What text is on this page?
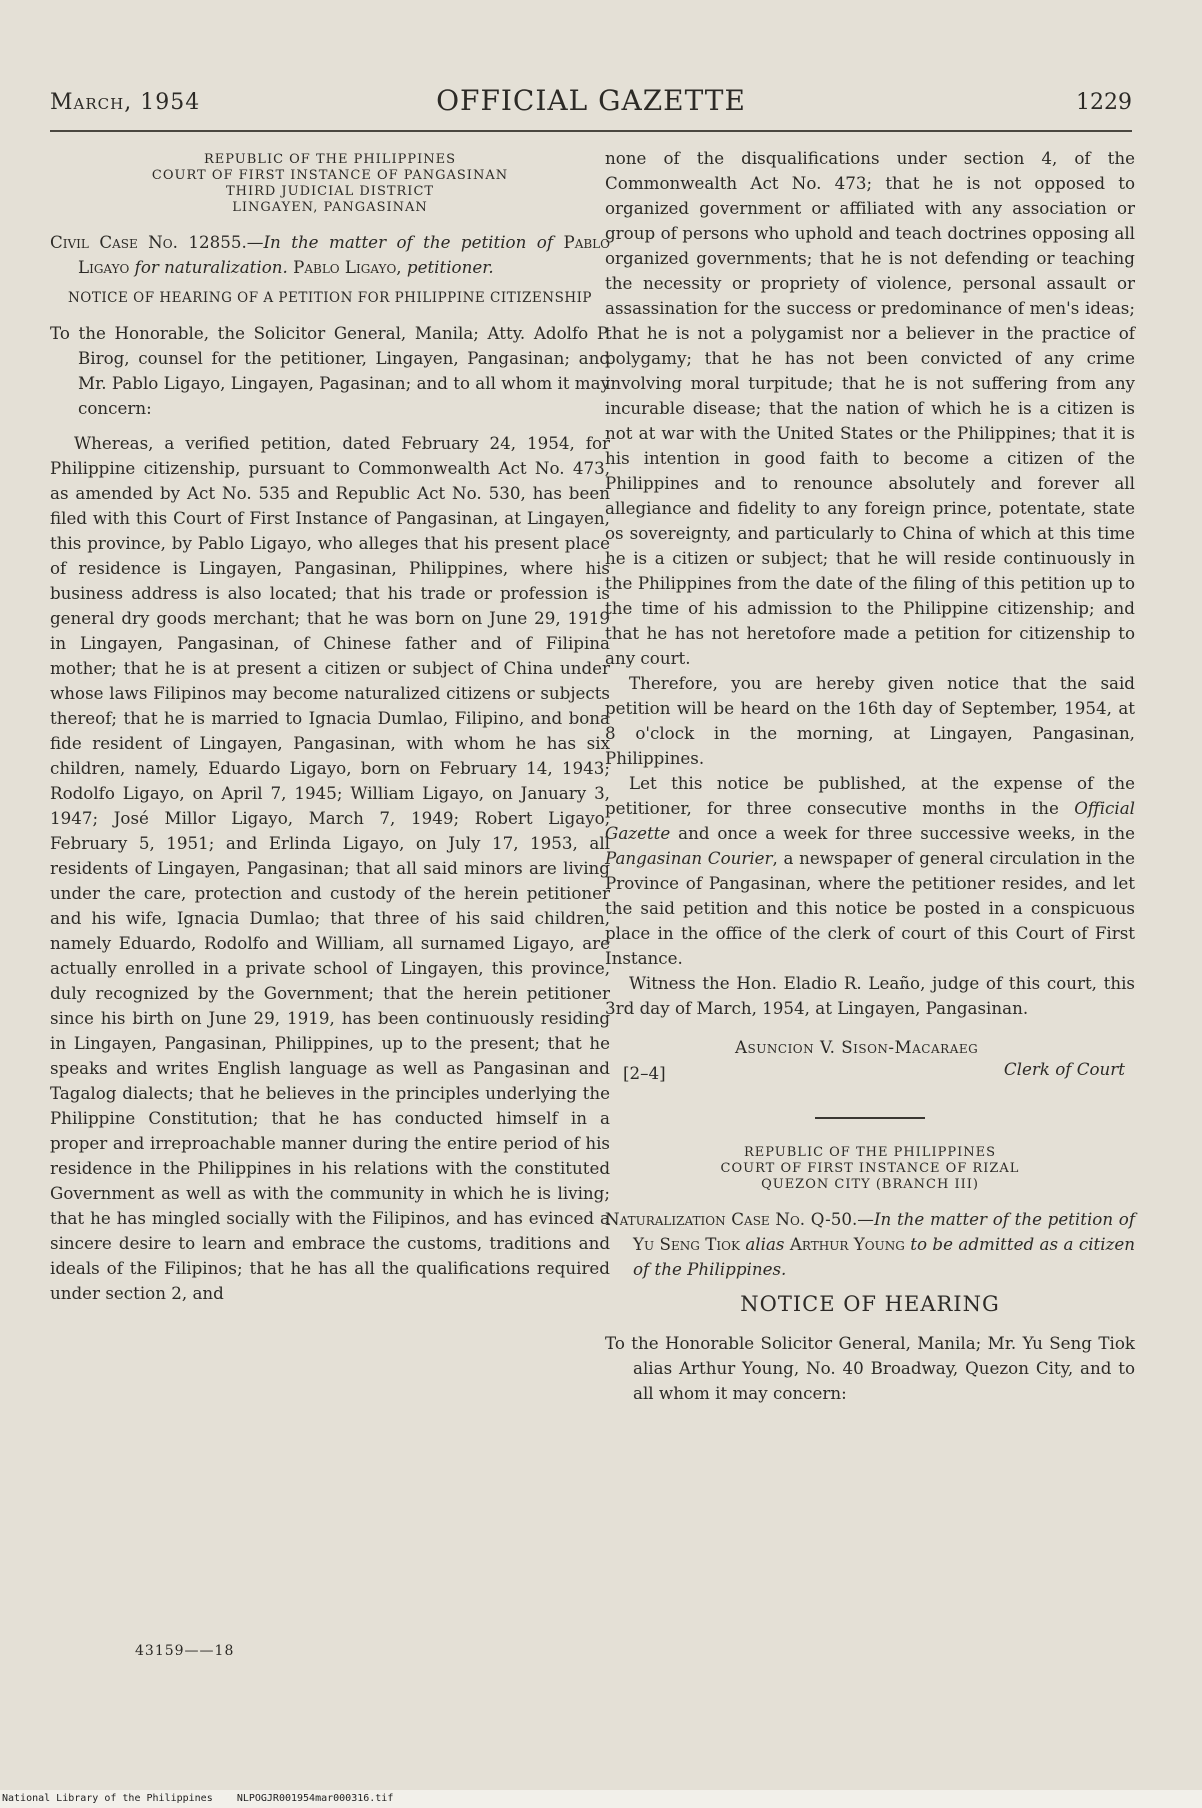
March, 1954	OFFICIAL GAZETTE	1229
REPUBLIC OF THE PHILIPPINES
COURT OF FIRST INSTANCE OF PANGASINAN
THIRD JUDICIAL DISTRICT
LINGAYEN, PANGASINAN

Civil Case No. 12855.—In the matter of the petition of Pablo Ligayo for naturalization. Pablo Ligayo, petitioner.

NOTICE OF HEARING OF A PETITION FOR PHILIPPINE CITIZENSHIP

To the Honorable, the Solicitor General, Manila; Atty. Adolfo P. Birog, counsel for the petitioner, Lingayen, Pangasinan; and Mr. Pablo Ligayo, Lingayen, Pagasinan; and to all whom it may concern:

Whereas, a verified petition, dated February 24, 1954, for Philippine citizenship, pursuant to Commonwealth Act No. 473, as amended by Act No. 535 and Republic Act No. 530, has been filed with this Court of First Instance of Pangasinan, at Lingayen, this province, by Pablo Ligayo, who alleges that his present place of residence is Lingayen, Pangasinan, Philippines, where his business address is also located; that his trade or profession is general dry goods merchant; that he was born on June 29, 1919 in Lingayen, Pangasinan, of Chinese father and of Filipina mother; that he is at present a citizen or subject of China under whose laws Filipinos may become naturalized citizens or subjects thereof; that he is married to Ignacia Dumlao, Filipino, and bona fide resident of Lingayen, Pangasinan, with whom he has six children, namely, Eduardo Ligayo, born on February 14, 1943; Rodolfo Ligayo, on April 7, 1945; William Ligayo, on January 3, 1947; José Millor Ligayo, March 7, 1949; Robert Ligayo, February 5, 1951; and Erlinda Ligayo, on July 17, 1953, all residents of Lingayen, Pangasinan; that all said minors are living under the care, protection and custody of the herein petitioner and his wife, Ignacia Dumlao; that three of his said children, namely Eduardo, Rodolfo and William, all surnamed Ligayo, are actually enrolled in a private school of Lingayen, this province, duly recognized by the Government; that the herein petitioner since his birth on June 29, 1919, has been continuously residing in Lingayen, Pangasinan, Philippines, up to the present; that he speaks and writes English language as well as Pangasinan and Tagalog dialects; that he believes in the principles underlying the Philippine Constitution; that he has conducted himself in a proper and irreproachable manner during the entire period of his residence in the Philippines in his relations with the constituted Government as well as with the community in which he is living; that he has mingled socially with the Filipinos, and has evinced a sincere desire to learn and embrace the customs, traditions and ideals of the Filipinos; that he has all the qualifications required under section 2, and

43159——18

none of the disqualifications under section 4, of the Commonwealth Act No. 473; that he is not opposed to organized government or affiliated with any association or group of persons who uphold and teach doctrines opposing all organized governments; that he is not defending or teaching the necessity or propriety of violence, personal assault or assassination for the success or predominance of men's ideas; that he is not a polygamist nor a believer in the practice of polygamy; that he has not been convicted of any crime involving moral turpitude; that he is not suffering from any incurable disease; that the nation of which he is a citizen is not at war with the United States or the Philippines; that it is his intention in good faith to become a citizen of the Philippines and to renounce absolutely and forever all allegiance and fidelity to any foreign prince, potentate, state os sovereignty, and particularly to China of which at this time he is a citizen or subject; that he will reside continuously in the Philippines from the date of the filing of this petition up to the time of his admission to the Philippine citizenship; and that he has not heretofore made a petition for citizenship to any court.

Therefore, you are hereby given notice that the said petition will be heard on the 16th day of September, 1954, at 8 o'clock in the morning, at Lingayen, Pangasinan, Philippines.

Let this notice be published, at the expense of the petitioner, for three consecutive months in the Official Gazette and once a week for three successive weeks, in the Pangasinan Courier, a newspaper of general circulation in the Province of Pangasinan, where the petitioner resides, and let the said petition and this notice be posted in a conspicuous place in the office of the clerk of court of this Court of First Instance.

Witness the Hon. Eladio R. Leaño, judge of this court, this 3rd day of March, 1954, at Lingayen, Pangasinan.

Asuncion V. Sison-Macaraeg
[2–4]	Clerk of Court
REPUBLIC OF THE PHILIPPINES
COURT OF FIRST INSTANCE OF RIZAL
QUEZON CITY (BRANCH III)

Naturalization Case No. Q-50.—In the matter of the petition of Yu Seng Tiok alias Arthur Young to be admitted as a citizen of the Philippines.

NOTICE OF HEARING

To the Honorable Solicitor General, Manila; Mr. Yu Seng Tiok alias Arthur Young, No. 40 Broadway, Quezon City, and to all whom it may concern:

National Library of the Philippines NLPOGJR001954mar000316.tif
